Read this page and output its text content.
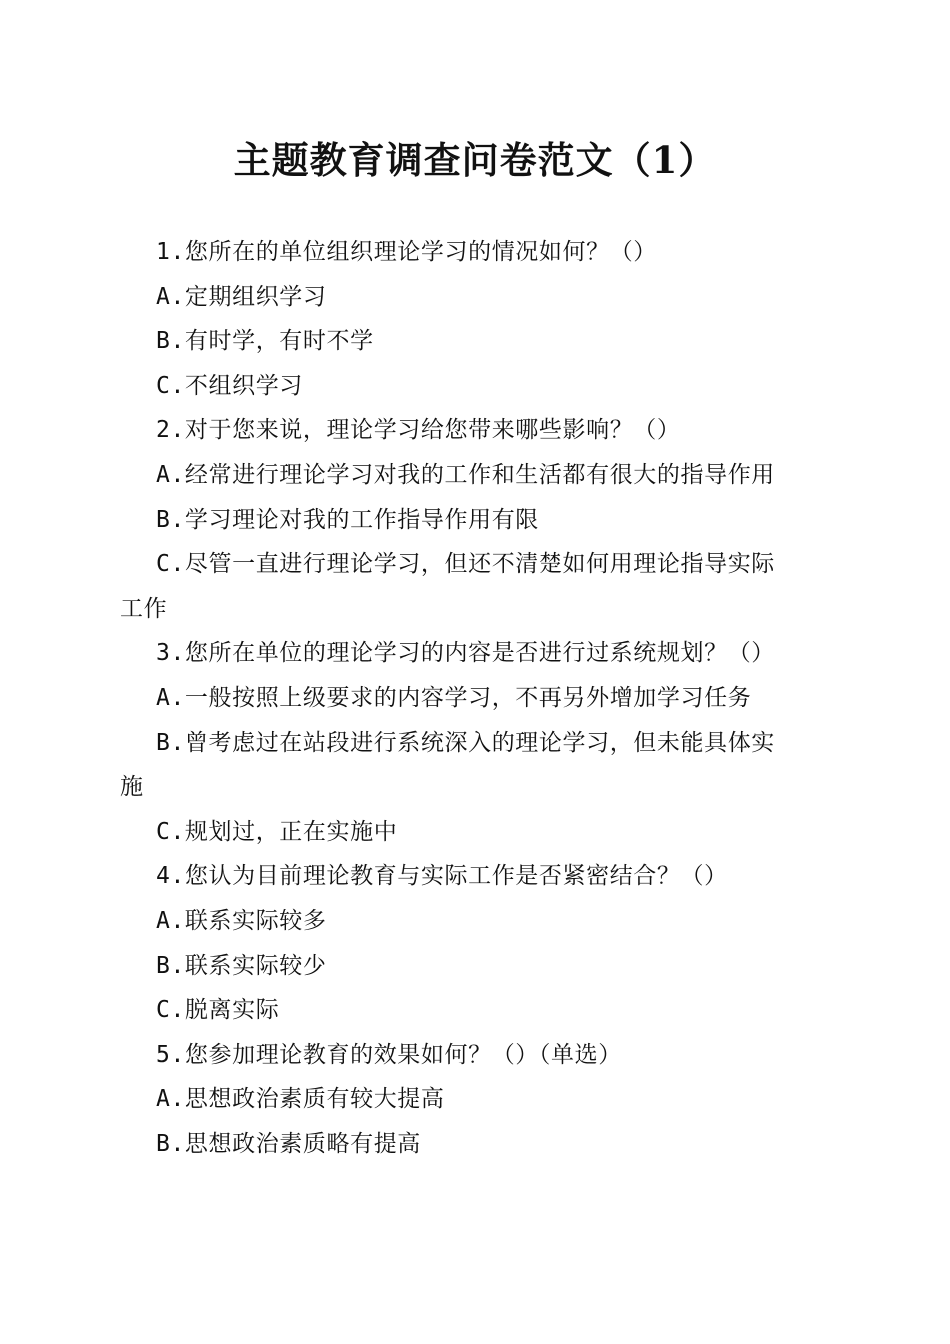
主题教育调查问卷范文（1）

1.您所在的单位组织理论学习的情况如何？（）

A.定期组织学习

B.有时学，有时不学

C.不组织学习

2.对于您来说，理论学习给您带来哪些影响？（）

A.经常进行理论学习对我的工作和生活都有很大的指导作用

B.学习理论对我的工作指导作用有限

C.尽管一直进行理论学习，但还不清楚如何用理论指导实际

工作

3.您所在单位的理论学习的内容是否进行过系统规划？（）

A.一般按照上级要求的内容学习，不再另外增加学习任务

B.曾考虑过在站段进行系统深入的理论学习，但未能具体实

施

C.规划过，正在实施中

4.您认为目前理论教育与实际工作是否紧密结合？（）

A.联系实际较多

B.联系实际较少

C.脱离实际

5.您参加理论教育的效果如何？（）（单选）

A.思想政治素质有较大提高

B.思想政治素质略有提高
